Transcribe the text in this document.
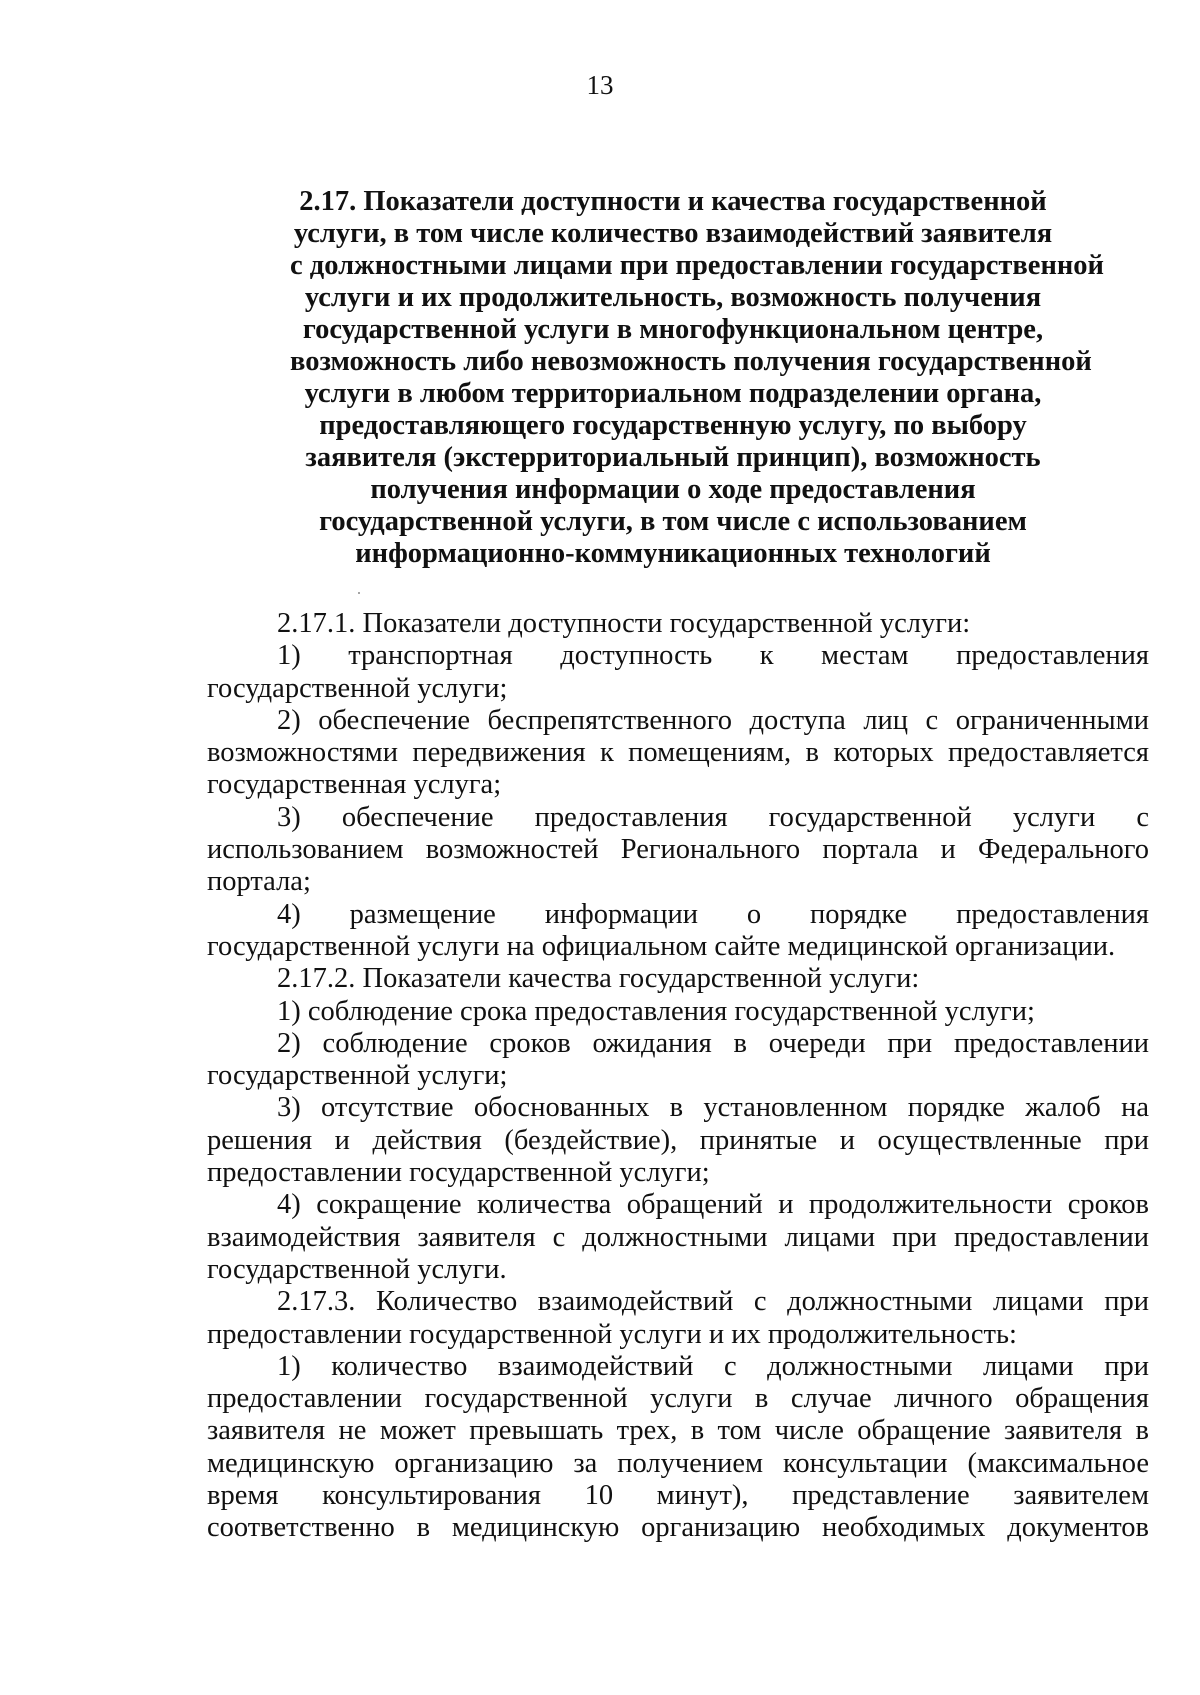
13
2.17. Показатели доступности и качества государственной
услуги, в том числе количество взаимодействий заявителя
с должностными лицами при предоставлении государственной
услуги и их продолжительность, возможность получения
государственной услуги в многофункциональном центре,
возможность либо невозможность получения государственной
услуги в любом территориальном подразделении органа,
предоставляющего государственную услугу, по выбору
заявителя (экстерриториальный принцип), возможность
получения информации о ходе предоставления
государственной услуги, в том числе с использованием
информационно-коммуникационных технологий

2.17.1. Показатели доступности государственной услуги:

1) транспортная доступность к местам предоставления государственной услуги;

2) обеспечение беспрепятственного доступа лиц с ограниченными возможностями передвижения к помещениям, в которых предоставляется государственная услуга;

3) обеспечение предоставления государственной услуги с использованием возможностей Регионального портала и Федерального портала;

4) размещение информации о порядке предоставления государственной услуги на официальном сайте медицинской организации.

2.17.2. Показатели качества государственной услуги:

1) соблюдение срока предоставления государственной услуги;

2) соблюдение сроков ожидания в очереди при предоставлении государственной услуги;

3) отсутствие обоснованных в установленном порядке жалоб на решения и действия (бездействие), принятые и осуществленные при предоставлении государственной услуги;

4) сокращение количества обращений и продолжительности сроков взаимодействия заявителя с должностными лицами при предоставлении государственной услуги.

2.17.3. Количество взаимодействий с должностными лицами при предоставлении государственной услуги и их продолжительность:

1) количество взаимодействий с должностными лицами при предоставлении государственной услуги в случае личного обращения заявителя не может превышать трех, в том числе обращение заявителя в медицинскую организацию за получением консультации (максимальное время консультирования 10 минут), представление заявителем соответственно в медицинскую организацию необходимых документов
